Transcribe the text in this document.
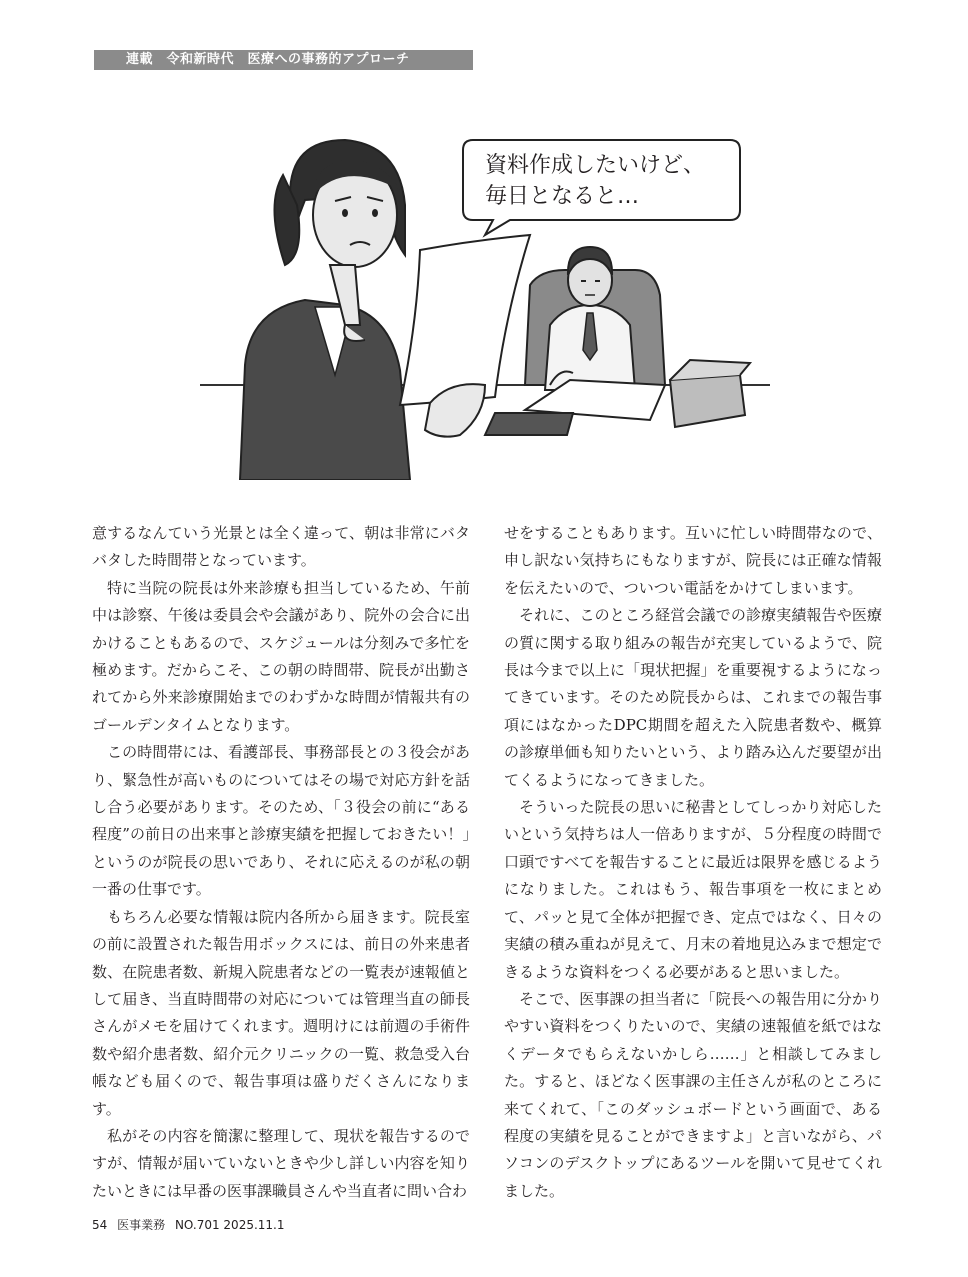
連載　令和新時代　医療への事務的アプローチ
資料作成したいけど、
毎日となると…

意するなんていう光景とは全く違って、朝は非常にバタバタした時間帯となっています。

特に当院の院長は外来診療も担当しているため、午前中は診察、午後は委員会や会議があり、院外の会合に出かけることもあるので、スケジュールは分刻みで多忙を極めます。だからこそ、この朝の時間帯、院長が出勤されてから外来診療開始までのわずかな時間が情報共有のゴールデンタイムとなります。

この時間帯には、看護部長、事務部長との３役会があり、緊急性が高いものについてはその場で対応方針を話し合う必要があります。そのため、「３役会の前に“ある程度”の前日の出来事と診療実績を把握しておきたい！」というのが院長の思いであり、それに応えるのが私の朝一番の仕事です。

もちろん必要な情報は院内各所から届きます。院長室の前に設置された報告用ボックスには、前日の外来患者数、在院患者数、新規入院患者などの一覧表が速報値として届き、当直時間帯の対応については管理当直の師長さんがメモを届けてくれます。週明けには前週の手術件数や紹介患者数、紹介元クリニックの一覧、救急受入台帳なども届くので、報告事項は盛りだくさんになります。

私がその内容を簡潔に整理して、現状を報告するのですが、情報が届いていないときや少し詳しい内容を知りたいときには早番の医事課職員さんや当直者に問い合わ

せをすることもあります。互いに忙しい時間帯なので、申し訳ない気持ちにもなりますが、院長には正確な情報を伝えたいので、ついつい電話をかけてしまいます。

それに、このところ経営会議での診療実績報告や医療の質に関する取り組みの報告が充実しているようで、院長は今まで以上に「現状把握」を重要視するようになってきています。そのため院長からは、これまでの報告事項にはなかったDPC期間を超えた入院患者数や、概算の診療単価も知りたいという、より踏み込んだ要望が出てくるようになってきました。

そういった院長の思いに秘書としてしっかり対応したいという気持ちは人一倍ありますが、５分程度の時間で口頭ですべてを報告することに最近は限界を感じるようになりました。これはもう、報告事項を一枚にまとめて、パッと見て全体が把握でき、定点ではなく、日々の実績の積み重ねが見えて、月末の着地見込みまで想定できるような資料をつくる必要があると思いました。

そこで、医事課の担当者に「院長への報告用に分かりやすい資料をつくりたいので、実績の速報値を紙ではなくデータでもらえないかしら……」と相談してみました。すると、ほどなく医事課の主任さんが私のところに来てくれて、「このダッシュボードという画面で、ある程度の実績を見ることができますよ」と言いながら、パソコンのデスクトップにあるツールを開いて見せてくれました。

54 医事業務 NO.701 2025.11.1
